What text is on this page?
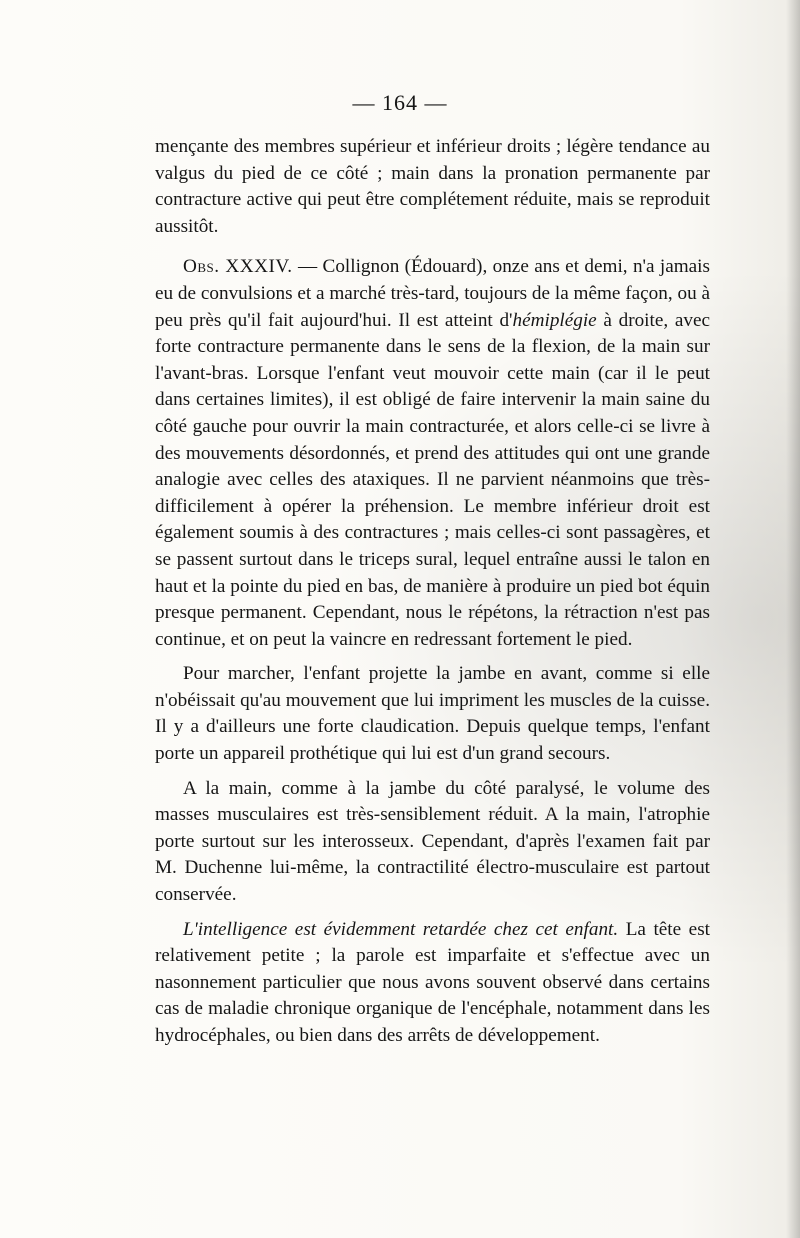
— 164 —

mençante des membres supérieur et inférieur droits ; légère tendance au valgus du pied de ce côté ; main dans la pronation permanente par contracture active qui peut être complétement réduite, mais se reproduit aussitôt.

Obs. XXXIV. — Collignon (Édouard), onze ans et demi, n'a jamais eu de convulsions et a marché très-tard, toujours de la même façon, ou à peu près qu'il fait aujourd'hui. Il est atteint d'hémiplégie à droite, avec forte contracture permanente dans le sens de la flexion, de la main sur l'avant-bras. Lorsque l'enfant veut mouvoir cette main (car il le peut dans certaines limites), il est obligé de faire intervenir la main saine du côté gauche pour ouvrir la main contracturée, et alors celle-ci se livre à des mouvements désordonnés, et prend des attitudes qui ont une grande analogie avec celles des ataxiques. Il ne parvient néanmoins que très-difficilement à opérer la préhension. Le membre inférieur droit est également soumis à des contractures ; mais celles-ci sont passagères, et se passent surtout dans le triceps sural, lequel entraîne aussi le talon en haut et la pointe du pied en bas, de manière à produire un pied bot équin presque permanent. Cependant, nous le répétons, la rétraction n'est pas continue, et on peut la vaincre en redressant fortement le pied.

Pour marcher, l'enfant projette la jambe en avant, comme si elle n'obéissait qu'au mouvement que lui impriment les muscles de la cuisse. Il y a d'ailleurs une forte claudication. Depuis quelque temps, l'enfant porte un appareil prothétique qui lui est d'un grand secours.

A la main, comme à la jambe du côté paralysé, le volume des masses musculaires est très-sensiblement réduit. A la main, l'atrophie porte surtout sur les interosseux. Cependant, d'après l'examen fait par M. Duchenne lui-même, la contractilité électro-musculaire est partout conservée.

L'intelligence est évidemment retardée chez cet enfant. La tête est relativement petite ; la parole est imparfaite et s'effectue avec un nasonnement particulier que nous avons souvent observé dans certains cas de maladie chronique organique de l'encéphale, notamment dans les hydrocéphales, ou bien dans des arrêts de développement.
